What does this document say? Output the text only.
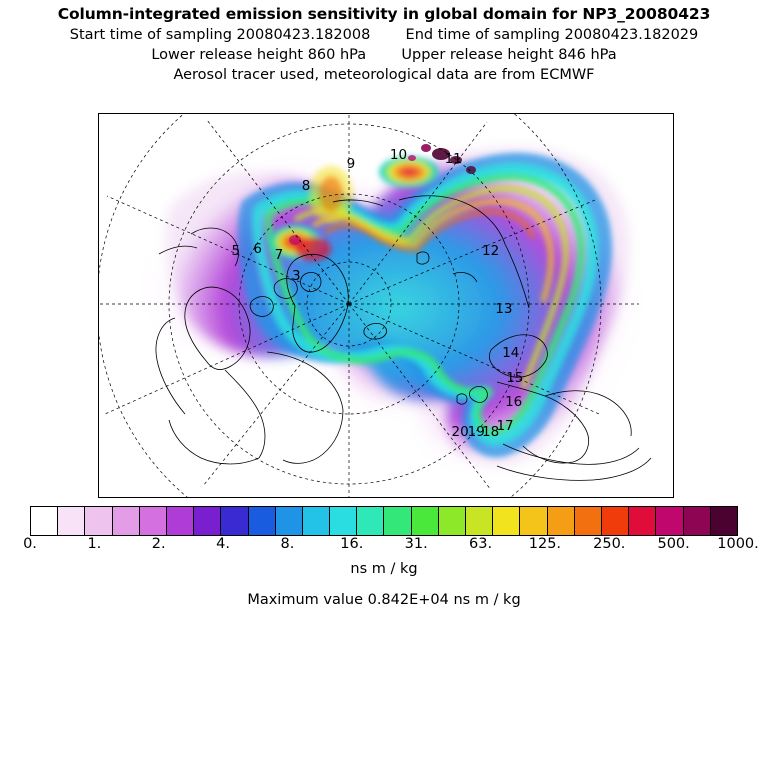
Column-integrated emission sensitivity in global domain for NP3_20080423
Start time of sampling 20080423.182008 End time of sampling 20080423.182029
Lower release height 860 hPa Upper release height 846 hPa
Aerosol tracer used, meteorological data are from ECMWF
3
5 6 7
8
9
10	11
12
13
14
15
16
20
19
18
17
0.	1.	2.	4.	8.	16.	31.	63.	125. 250. 500. 1000.
ns m / kg
Maximum value 0.842E+04 ns m / kg
